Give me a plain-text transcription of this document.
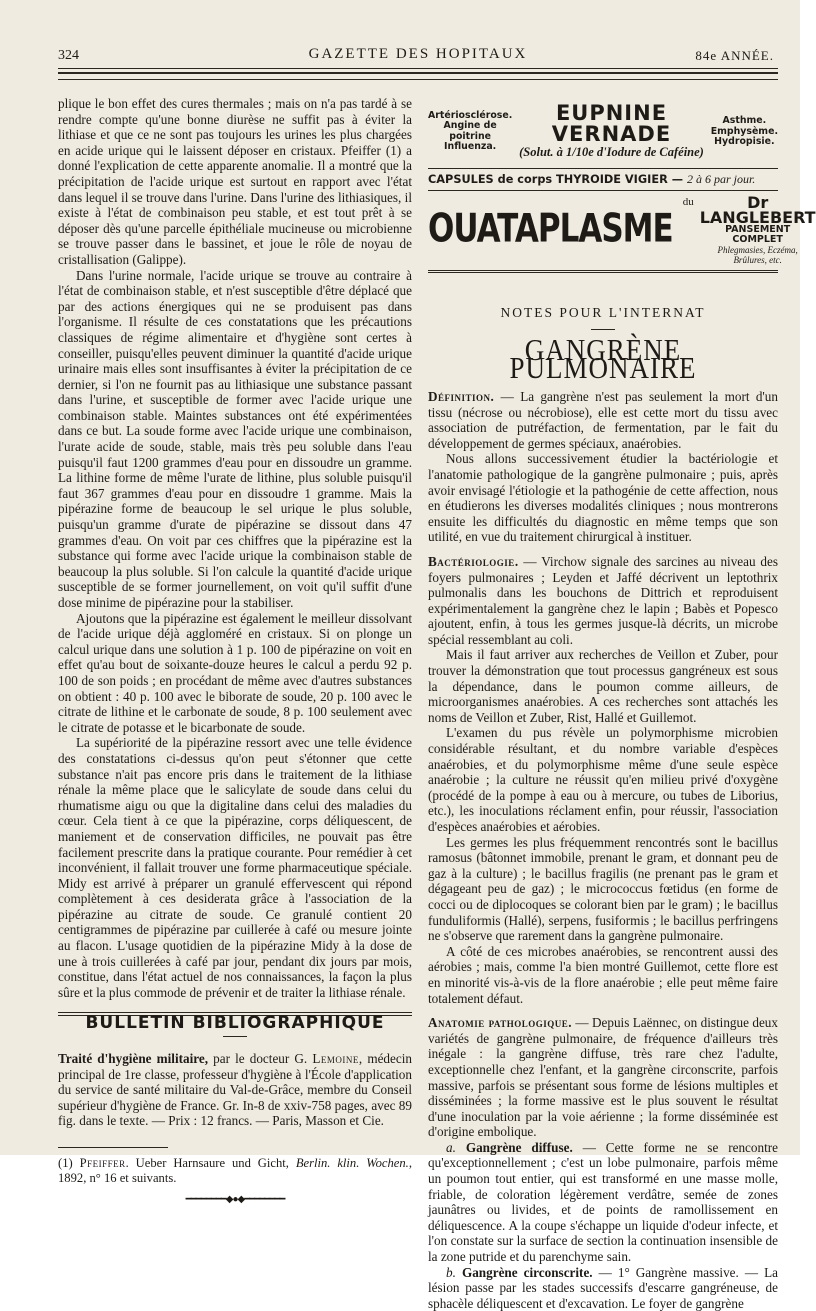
324	GAZETTE DES HOPITAUX	84e ANNÉE.

plique le bon effet des cures thermales ; mais on n'a pas tardé à se rendre compte qu'une bonne diurèse ne suffit pas à éviter la lithiase et que ce ne sont pas toujours les urines les plus chargées en acide urique qui le laissent déposer en cristaux. Pfeiffer (1) a donné l'explication de cette apparente anomalie. Il a montré que la précipitation de l'acide urique est surtout en rapport avec l'état dans lequel il se trouve dans l'urine. Dans l'urine des lithiasiques, il existe à l'état de combinaison peu stable, et est tout prêt à se déposer dès qu'une parcelle épithéliale mucineuse ou microbienne se trouve passer dans le bassinet, et joue le rôle de noyau de cristallisation (Galippe).

Dans l'urine normale, l'acide urique se trouve au contraire à l'état de combinaison stable, et n'est susceptible d'être déplacé que par des actions énergiques qui ne se produisent pas dans l'organisme. Il résulte de ces constatations que les précautions classiques de régime alimentaire et d'hygiène sont certes à conseiller, puisqu'elles peuvent diminuer la quantité d'acide urique urinaire mais elles sont insuffisantes à éviter la précipitation de ce dernier, si l'on ne fournit pas au lithiasique une substance passant dans l'urine, et susceptible de former avec l'acide urique une combinaison stable. Maintes substances ont été expérimentées dans ce but. La soude forme avec l'acide urique une combinaison, l'urate acide de soude, stable, mais très peu soluble dans l'eau puisqu'il faut 1200 grammes d'eau pour en dissoudre un gramme. La lithine forme de même l'urate de lithine, plus soluble puisqu'il faut 367 grammes d'eau pour en dissoudre 1 gramme. Mais la pipérazine forme de beaucoup le sel urique le plus soluble, puisqu'un gramme d'urate de pipérazine se dissout dans 47 grammes d'eau. On voit par ces chiffres que la pipérazine est la substance qui forme avec l'acide urique la combinaison stable de beaucoup la plus soluble. Si l'on calcule la quantité d'acide urique susceptible de se former journellement, on voit qu'il suffit d'une dose minime de pipérazine pour la stabiliser.

Ajoutons que la pipérazine est également le meilleur dissolvant de l'acide urique déjà aggloméré en cristaux. Si on plonge un calcul urique dans une solution à 1 p. 100 de pipérazine on voit en effet qu'au bout de soixante-douze heures le calcul a perdu 92 p. 100 de son poids ; en procédant de même avec d'autres substances on obtient : 40 p. 100 avec le biborate de soude, 20 p. 100 avec le citrate de lithine et le carbonate de soude, 8 p. 100 seulement avec le citrate de potasse et le bicarbonate de soude.

La supériorité de la pipérazine ressort avec une telle évidence des constatations ci-dessus qu'on peut s'étonner que cette substance n'ait pas encore pris dans le traitement de la lithiase rénale la même place que le salicylate de soude dans celui du rhumatisme aigu ou que la digitaline dans celui des maladies du cœur. Cela tient à ce que la pipérazine, corps déliquescent, de maniement et de conservation difficiles, ne pouvait pas être facilement prescrite dans la pratique courante. Pour remédier à cet inconvénient, il fallait trouver une forme pharmaceutique spéciale. Midy est arrivé à préparer un granulé effervescent qui répond complètement à ces desiderata grâce à l'association de la pipérazine au citrate de soude. Ce granulé contient 20 centigrammes de pipérazine par cuillerée à café ou mesure jointe au flacon. L'usage quotidien de la pipérazine Midy à la dose de une à trois cuillerées à café par jour, pendant dix jours par mois, constitue, dans l'état actuel de nos connaissances, la façon la plus sûre et la plus commode de prévenir et de traiter la lithiase rénale.

BULLETIN BIBLIOGRAPHIQUE

Traité d'hygiène militaire, par le docteur G. Lemoine, médecin principal de 1re classe, professeur d'hygiène à l'École d'application du service de santé militaire du Val-de-Grâce, membre du Conseil supérieur d'hygiène de France. Gr. In-8 de xxiv-758 pages, avec 89 fig. dans le texte. — Prix : 12 francs. — Paris, Masson et Cie.

(1) Pfeiffer. Ueber Harnsaure und Gicht, Berlin. klin. Wochen., 1892, n° 16 et suivants.

━━━━━━━━◆●◆━━━━━━━━
Artériosclérose.
Angine de poitrine
Influenza.
EUPNINE VERNADE
(Solut. à 1/10e d'Iodure de Caféine)
Asthme.
Emphysème.
Hydropisie.
CAPSULES de corps THYROIDE VIGIER — 2 à 6 par jour.
OUATAPLASME
du	Dr LANGLEBERT
PANSEMENT COMPLET
Phlegmasies, Eczéma, Brûlures, etc.
NOTES POUR L'INTERNAT
GANGRÈNE PULMONAIRE

Définition. — La gangrène n'est pas seulement la mort d'un tissu (nécrose ou nécrobiose), elle est cette mort du tissu avec association de putréfaction, de fermentation, par le fait du développement de germes spéciaux, anaérobies.

Nous allons successivement étudier la bactériologie et l'anatomie pathologique de la gangrène pulmonaire ; puis, après avoir envisagé l'étiologie et la pathogénie de cette affection, nous en étudierons les diverses modalités cliniques ; nous montrerons ensuite les difficultés du diagnostic en même temps que son utilité, en vue du traitement chirurgical à instituer.

Bactériologie. — Virchow signale des sarcines au niveau des foyers pulmonaires ; Leyden et Jaffé décrivent un leptothrix pulmonalis dans les bouchons de Dittrich et reproduisent expérimentalement la gangrène chez le lapin ; Babès et Popesco ajoutent, enfin, à tous les germes jusque-là décrits, un microbe spécial ressemblant au coli.

Mais il faut arriver aux recherches de Veillon et Zuber, pour trouver la démonstration que tout processus gangréneux est sous la dépendance, dans le poumon comme ailleurs, de microorganismes anaérobies. A ces recherches sont attachés les noms de Veillon et Zuber, Rist, Hallé et Guillemot.

L'examen du pus révèle un polymorphisme microbien considérable résultant, et du nombre variable d'espèces anaérobies, et du polymorphisme même d'une seule espèce anaérobie ; la culture ne réussit qu'en milieu privé d'oxygène (procédé de la pompe à eau ou à mercure, ou tubes de Liborius, etc.), les inoculations réclament enfin, pour réussir, l'association d'espèces anaérobies et aérobies.

Les germes les plus fréquemment rencontrés sont le bacillus ramosus (bâtonnet immobile, prenant le gram, et donnant peu de gaz à la culture) ; le bacillus fragilis (ne prenant pas le gram et dégageant peu de gaz) ; le micrococcus fœtidus (en forme de cocci ou de diplocoques se colorant bien par le gram) ; le bacillus funduliformis (Hallé), serpens, fusiformis ; le bacillus perfringens ne s'observe que rarement dans la gangrène pulmonaire.

A côté de ces microbes anaérobies, se rencontrent aussi des aérobies ; mais, comme l'a bien montré Guillemot, cette flore est en minorité vis-à-vis de la flore anaérobie ; elle peut même faire totalement défaut.

Anatomie pathologique. — Depuis Laënnec, on distingue deux variétés de gangrène pulmonaire, de fréquence d'ailleurs très inégale : la gangrène diffuse, très rare chez l'adulte, exceptionnelle chez l'enfant, et la gangrène circonscrite, parfois massive, parfois se présentant sous forme de lésions multiples et disséminées ; la forme massive est le plus souvent le résultat d'une inoculation par la voie aérienne ; la forme disséminée est d'origine embolique.

a. Gangrène diffuse. — Cette forme ne se rencontre qu'exceptionnellement ; c'est un lobe pulmonaire, parfois même un poumon tout entier, qui est transformé en une masse molle, friable, de coloration légèrement verdâtre, semée de zones jaunâtres ou livides, et de points de ramollissement en déliquescence. A la coupe s'échappe un liquide d'odeur infecte, et l'on constate sur la surface de section la continuation insensible de la zone putride et du parenchyme sain.

b. Gangrène circonscrite. — 1° Gangrène massive. — La lésion passe par les stades successifs d'escarre gangréneuse, de sphacèle déliquescent et d'excavation. Le foyer de gangrène
